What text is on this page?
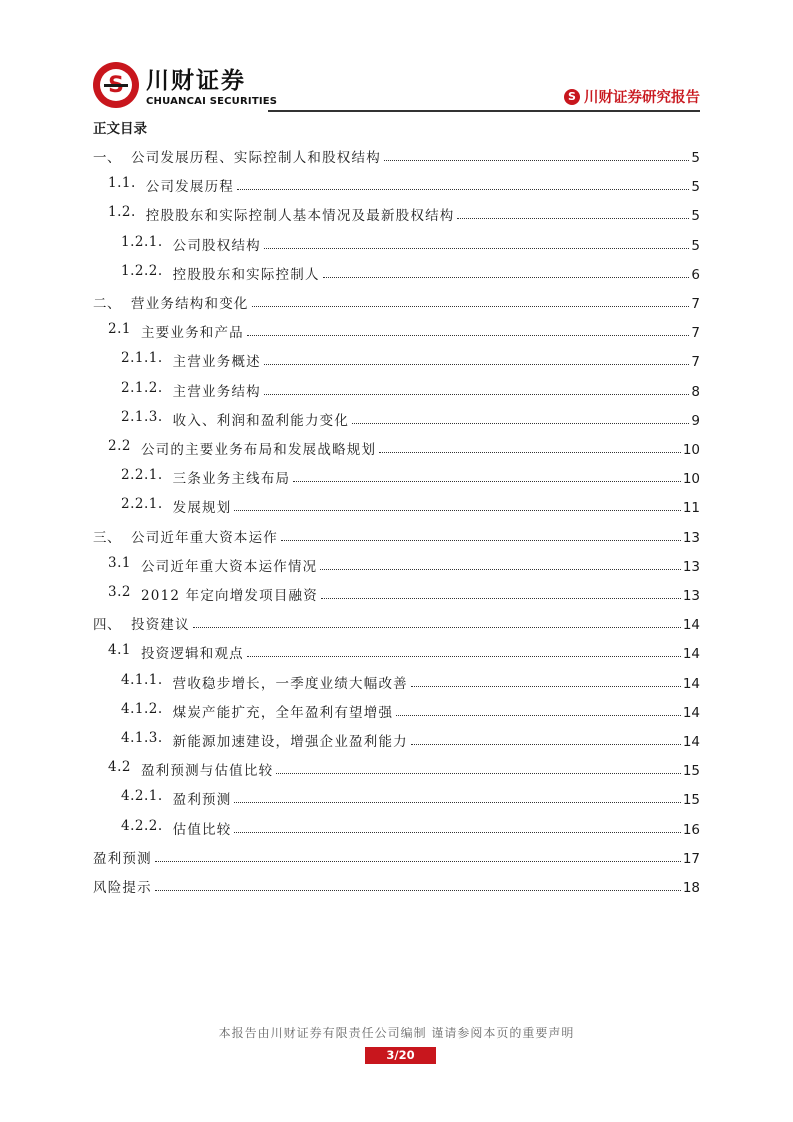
川财证券
CHUANCAI SECURITIES	S 川财证券研究报告
正文目录
一、 公司发展历程、实际控制人和股权结构	5
1.1. 公司发展历程	5
1.2. 控股股东和实际控制人基本情况及最新股权结构	5
1.2.1. 公司股权结构	5
1.2.2. 控股股东和实际控制人	6
二、 营业务结构和变化	7
2.1 主要业务和产品	7
2.1.1. 主营业务概述	7
2.1.2. 主营业务结构	8
2.1.3. 收入、利润和盈利能力变化	9
2.2 公司的主要业务布局和发展战略规划	10
2.2.1. 三条业务主线布局	10
2.2.1. 发展规划	11
三、 公司近年重大资本运作	13
3.1 公司近年重大资本运作情况	13
3.2 2012 年定向增发项目融资	13
四、 投资建议	14
4.1 投资逻辑和观点	14
4.1.1. 营收稳步增长，一季度业绩大幅改善	14
4.1.2. 煤炭产能扩充，全年盈利有望增强	14
4.1.3. 新能源加速建设，增强企业盈利能力	14
4.2 盈利预测与估值比较	15
4.2.1. 盈利预测	15
4.2.2. 估值比较	16
盈利预测	17
风险提示	18
本报告由川财证券有限责任公司编制 谨请参阅本页的重要声明
3/20
